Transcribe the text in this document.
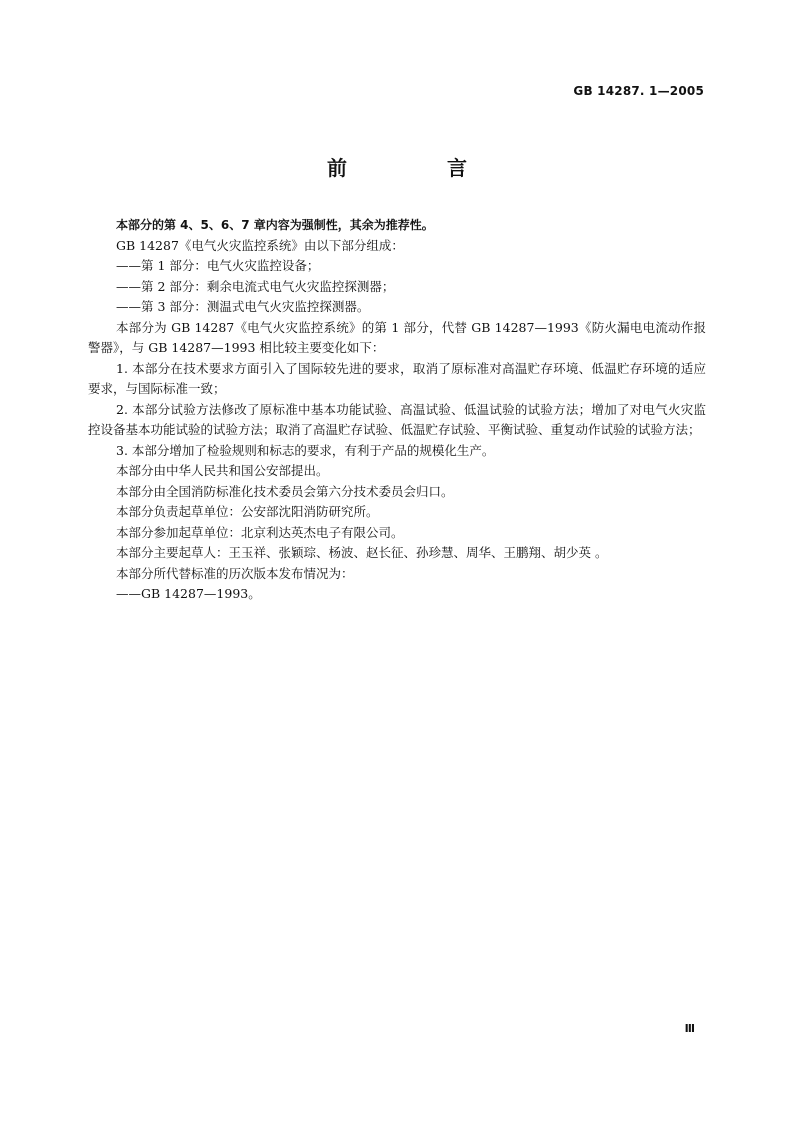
GB 14287. 1—2005
前　言

本部分的第 4、5、6、7 章内容为强制性，其余为推荐性。

GB 14287《电气火灾监控系统》由以下部分组成：

——第 1 部分：电气火灾监控设备；

——第 2 部分：剩余电流式电气火灾监控探测器；

——第 3 部分：测温式电气火灾监控探测器。

本部分为 GB 14287《电气火灾监控系统》的第 1 部分，代替 GB 14287—1993《防火漏电电流动作报警器》，与 GB 14287—1993 相比较主要变化如下：

1. 本部分在技术要求方面引入了国际较先进的要求，取消了原标准对高温贮存环境、低温贮存环境的适应要求，与国际标准一致；

2. 本部分试验方法修改了原标准中基本功能试验、高温试验、低温试验的试验方法；增加了对电气火灾监控设备基本功能试验的试验方法；取消了高温贮存试验、低温贮存试验、平衡试验、重复动作试验的试验方法；

3. 本部分增加了检验规则和标志的要求，有利于产品的规模化生产。

本部分由中华人民共和国公安部提出。

本部分由全国消防标准化技术委员会第六分技术委员会归口。

本部分负责起草单位：公安部沈阳消防研究所。

本部分参加起草单位：北京利达英杰电子有限公司。

本部分主要起草人：王玉祥、张颖琮、杨波、赵长征、孙珍慧、周华、王鹏翔、胡少英 。

本部分所代替标准的历次版本发布情况为：

——GB 14287—1993。

Ⅲ
